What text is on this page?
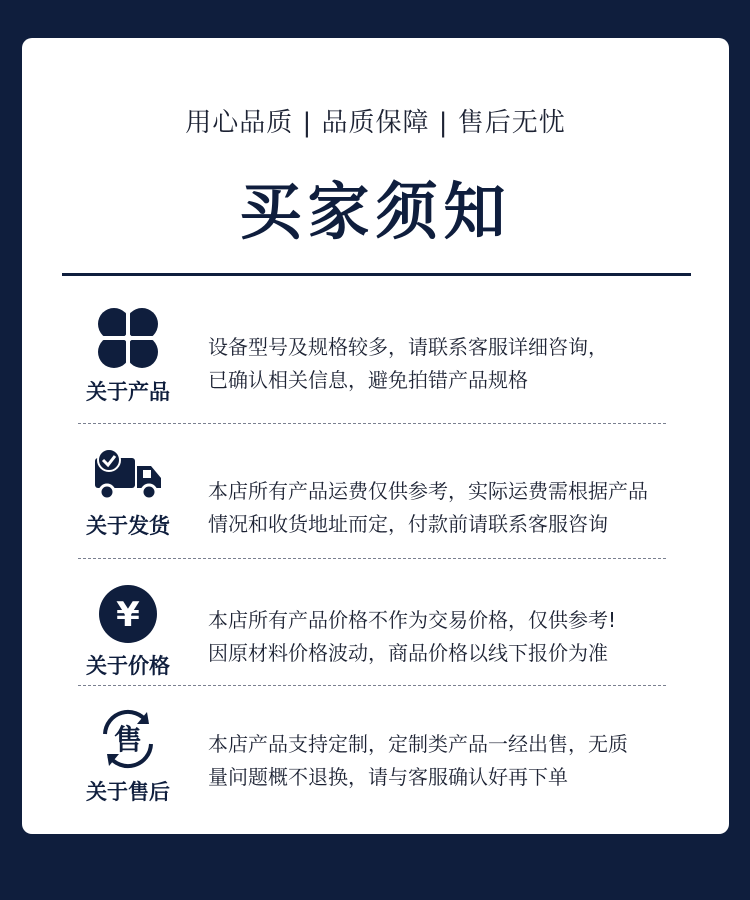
用心品质 | 品质保障 | 售后无忧
买家须知
关于产品
设备型号及规格较多，请联系客服详细咨询，
已确认相关信息，避免拍错产品规格
关于发货
本店所有产品运费仅供参考，实际运费需根据产品
情况和收货地址而定，付款前请联系客服咨询
¥
关于价格
本店所有产品价格不作为交易价格，仅供参考!
因原材料价格波动，商品价格以线下报价为准
售
关于售后
本店产品支持定制，定制类产品一经出售，无质
量问题概不退换，请与客服确认好再下单
